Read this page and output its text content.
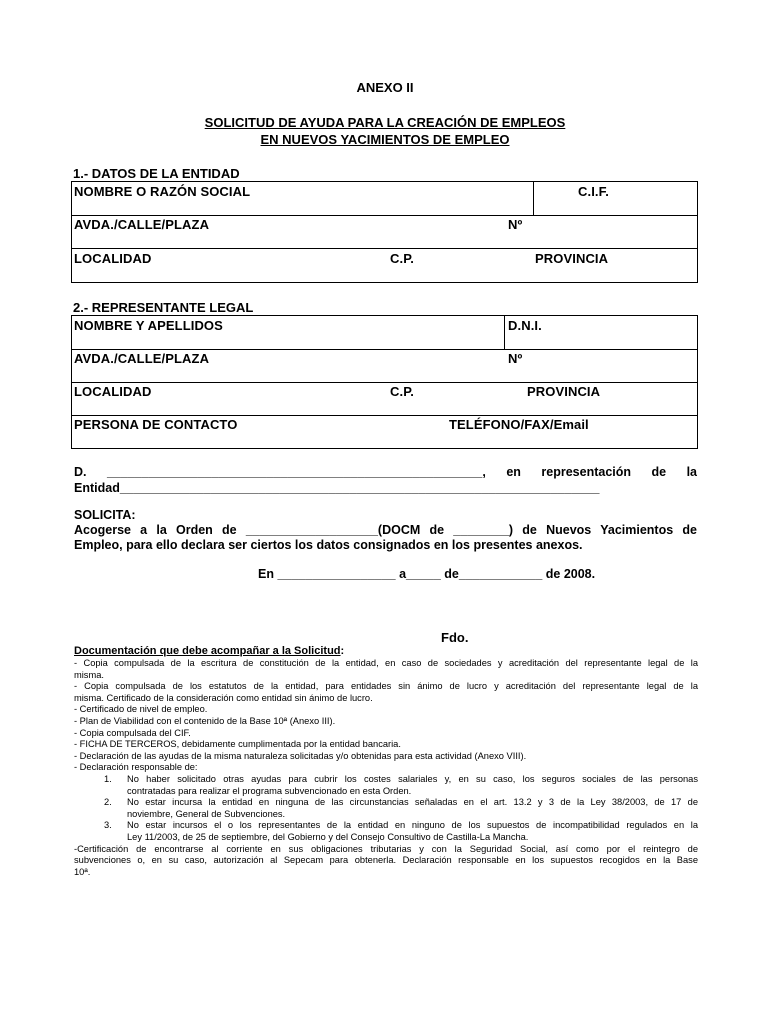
ANEXO II
SOLICITUD DE AYUDA PARA LA CREACIÓN DE EMPLEOS
EN NUEVOS YACIMIENTOS DE EMPLEO
1.- DATOS DE LA ENTIDAD
NOMBRE O RAZÓN SOCIAL	C.I.F.
AVDA./CALLE/PLAZA	Nº
LOCALIDAD	C.P.	PROVINCIA
2.- REPRESENTANTE LEGAL
NOMBRE Y APELLIDOS	D.N.I.
AVDA./CALLE/PLAZA	Nº
LOCALIDAD	C.P.	PROVINCIA
PERSONA DE CONTACTO	TELÉFONO/FAX/Email
D. ______________________________________________________, en representación de la
Entidad_____________________________________________________________________
SOLICITA:
Acogerse a la Orden de ___________________(DOCM de ________) de Nuevos Yacimientos de
Empleo, para ello declara ser ciertos los datos consignados en los presentes anexos.
En _________________ a_____ de____________ de 2008.
Fdo.
Documentación que debe acompañar a la Solicitud:
- Copia compulsada de la escritura de constitución de la entidad, en caso de sociedades y acreditación del representante legal de la
misma.
- Copia compulsada de los estatutos de la entidad, para entidades sin ánimo de lucro y acreditación del representante legal de la
misma. Certificado de la consideración como entidad sin ánimo de lucro.
- Certificado de nivel de empleo.
- Plan de Viabilidad con el contenido de la Base 10ª (Anexo III).
- Copia compulsada del CIF.
- FICHA DE TERCEROS, debidamente cumplimentada por la entidad bancaria.
- Declaración de las ayudas de la misma naturaleza solicitadas y/o obtenidas para esta actividad (Anexo VIII).
- Declaración responsable de:
1. No haber solicitado otras ayudas para cubrir los costes salariales y, en su caso, los seguros sociales de las personas
contratadas para realizar el programa subvencionado en esta Orden.
2. No estar incursa la entidad en ninguna de las circunstancias señaladas en el art. 13.2 y 3 de la Ley 38/2003, de 17 de
noviembre, General de Subvenciones.
3. No estar incursos el o los representantes de la entidad en ninguno de los supuestos de incompatibilidad regulados en la
Ley 11/2003, de 25 de septiembre, del Gobierno y del Consejo Consultivo de Castilla-La Mancha.
-Certificación de encontrarse al corriente en sus obligaciones tributarias y con la Seguridad Social, así como por el reintegro de
subvenciones o, en su caso, autorización al Sepecam para obtenerla. Declaración responsable en los supuestos recogidos en la Base
10ª.
